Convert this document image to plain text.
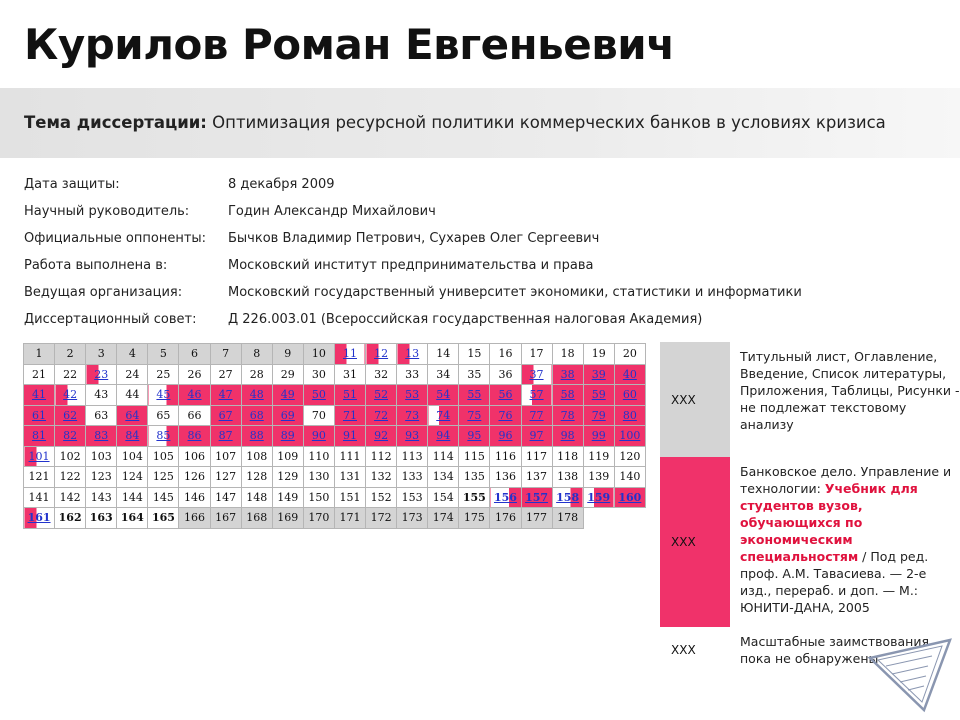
Курилов Роман Евгеньевич
Тема диссертации: Оптимизация ресурсной политики коммерческих банков в условиях кризиса
Дата защиты:	8 декабря 2009
Научный руководитель:	Годин Александр Михайлович
Официальные оппоненты:	Бычков Владимир Петрович, Сухарев Олег Сергеевич
Работа выполнена в:	Московский институт предпринимательства и права
Ведущая организация:	Московский государственный университет экономики, статистики и информатики
Диссертационный совет:	Д 226.003.01 (Всероссийская государственная налоговая Академия)
1	2	3	4	5	6	7	8	9	10	11	12	13	14	15	16	17	18	19	20
21	22	23	24	25	26	27	28	29	30	31	32	33	34	35	36	37	38	39	40
41	42	43	44	45	46	47	48	49	50	51	52	53	54	55	56	57	58	59	60
61	62	63	64	65	66	67	68	69	70	71	72	73	74	75	76	77	78	79	80
81	82	83	84	85	86	87	88	89	90	91	92	93	94	95	96	97	98	99	100
101	102	103	104	105	106	107	108	109	110	111	112	113	114	115	116	117	118	119	120
121	122	123	124	125	126	127	128	129	130	131	132	133	134	135	136	137	138	139	140
141	142	143	144	145	146	147	148	149	150	151	152	153	154	155	156	157	158	159	160
161	162	163	164	165	166	167	168	169	170	171	172	173	174	175	176	177	178		
XXX
Титульный лист, Оглавление, Введение, Список литературы, Приложения, Таблицы, Рисунки - не подлежат текстовому анализу
XXX
Банковское дело. Управление и технологии: Учебник для студентов вузов, обучающихся по экономическим специальностям / Под ред. проф. А.М. Тавасиева. — 2-е изд., перераб. и доп. — М.: ЮНИТИ-ДАНА, 2005
XXX
Масштабные заимствования пока не обнаружены
